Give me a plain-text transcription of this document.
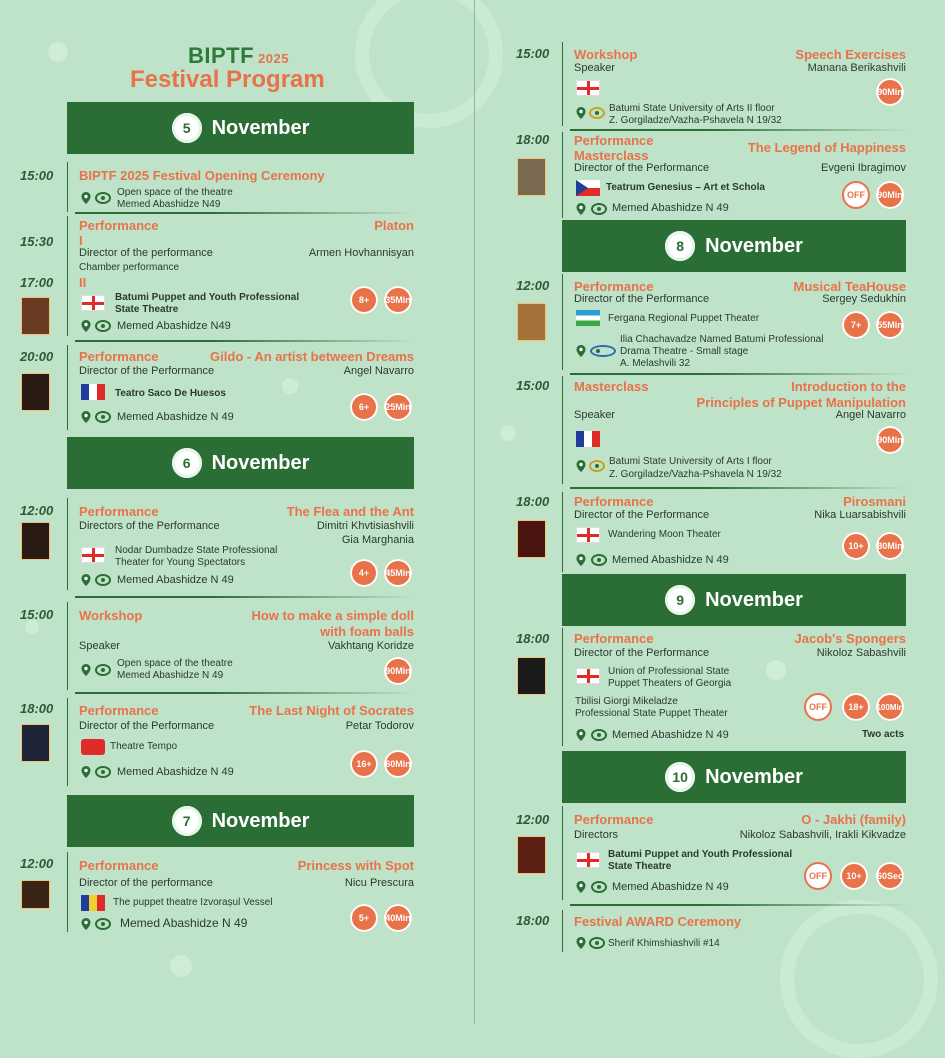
BIPTF 2025
Festival Program
5	November
15:00 BIPTF 2025 Festival Opening Ceremony
Open space of the theatre
Memed Abashidze N49
15:30
17:00
Performance	Platon
I
Director of the performance	Armen Hovhannisyan
Chamber performance
II
Batumi Puppet and Youth Professional
State Theatre
8+	35Min
Memed Abashidze N49
20:00 Performance	Gildo - An artist between Dreams
Director of the Performance	Angel Navarro
Teatro Saco De Huesos
6+	25Min
Memed Abashidze N 49
6	November
12:00 Performance	The Flea and the Ant
Directors of the Performance	Dimitri Khvtisiashvili
Gia Marghania
Nodar Dumbadze State Professional
Theater for Young Spectators
4+	45Min
Memed Abashidze N 49
15:00 Workshop	How to make a simple doll
with foam balls
Speaker	Vakhtang Koridze
Open space of the theatre
Memed Abashidze N 49	90Min
18:00 Performance	The Last Night of Socrates
Director of the Performance	Petar Todorov
Theatre Tempo
16+	60Min
Memed Abashidze N 49
7	November
12:00 Performance	Princess with Spot
Director of the performance	Nicu Prescura
The puppet theatre Izvorașul Vessel
5+	40Min
Memed Abashidze N 49
15:00 Workshop	Speech Exercises
Speaker	Manana Berikashvili
90Min
Batumi State University of Arts II floor
Z. Gorgiladze/Vazha-Pshavela N 19/32
18:00 Performance
Masterclass
The Legend of Happiness
Director of the Performance	Evgeni Ibragimov
Teatrum Genesius – Art et Schola
OFF	90Min
Memed Abashidze N 49
8	November
12:00 Performance	Musical TeaHouse
Director of the Performance	Sergey Sedukhin
Fergana Regional Puppet Theater
7+	55Min
Ilia Chachavadze Named Batumi Professional
Drama Theatre - Small stage
A. Melashvili 32
15:00 Masterclass	Introduction to the
Principles of Puppet Manipulation
Speaker	Angel Navarro
90Min
Batumi State University of Arts I floor
Z. Gorgiladze/Vazha-Pshavela N 19/32
18:00 Performance	Pirosmani
Director of the Performance	Nika Luarsabishvili
Wandering Moon Theater
10+	80Min
Memed Abashidze N 49
9	November
18:00 Performance	Jacob's Spongers
Director of the Performance	Nikoloz Sabashvili
Union of Professional State
Puppet Theaters of Georgia
Tbilisi Giorgi Mikeladze
Professional State Puppet Theater
OFF	18+	100Min
Memed Abashidze N 49	Two acts
10 November
12:00 Performance	O - Jakhi (family)
Directors	Nikoloz Sabashvili, Irakli Kikvadze
Batumi Puppet and Youth Professional
State Theatre
OFF	10+	60Sec
Memed Abashidze N 49
18:00 Festival AWARD Ceremony
Sherif Khimshiashvili #14
